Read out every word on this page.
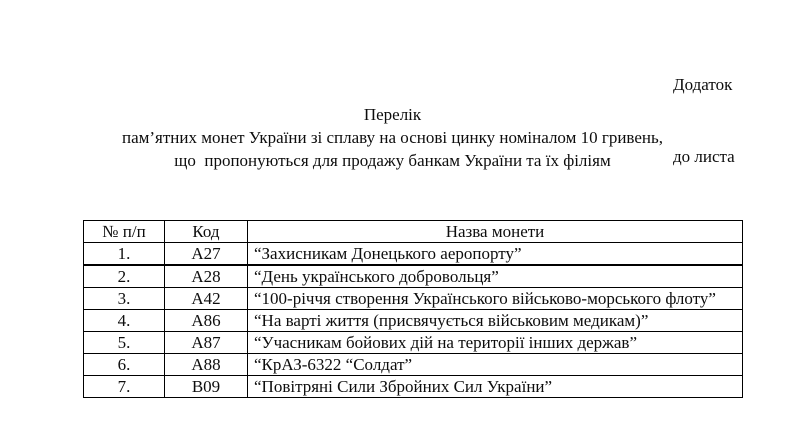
Додаток

до листа

Перелік
пам’ятних монет України зі сплаву на основі цинку номіналом 10 гривень,
що  пропонуються для продажу банкам України та їх філіям
№ п/п	Код	Назва монети
1.	А27	“Захисникам Донецького аеропорту”
2.	А28	“День українського добровольця”
3.	А42	“100-річчя створення Українського військово-морського флоту”
4.	А86	“На варті життя (присвячується військовим медикам)”
5.	А87	“Учасникам бойових дій на території інших держав”
6.	А88	“КрАЗ-6322 “Солдат”
7.	В09	“Повітряні Сили Збройних Сил України”
